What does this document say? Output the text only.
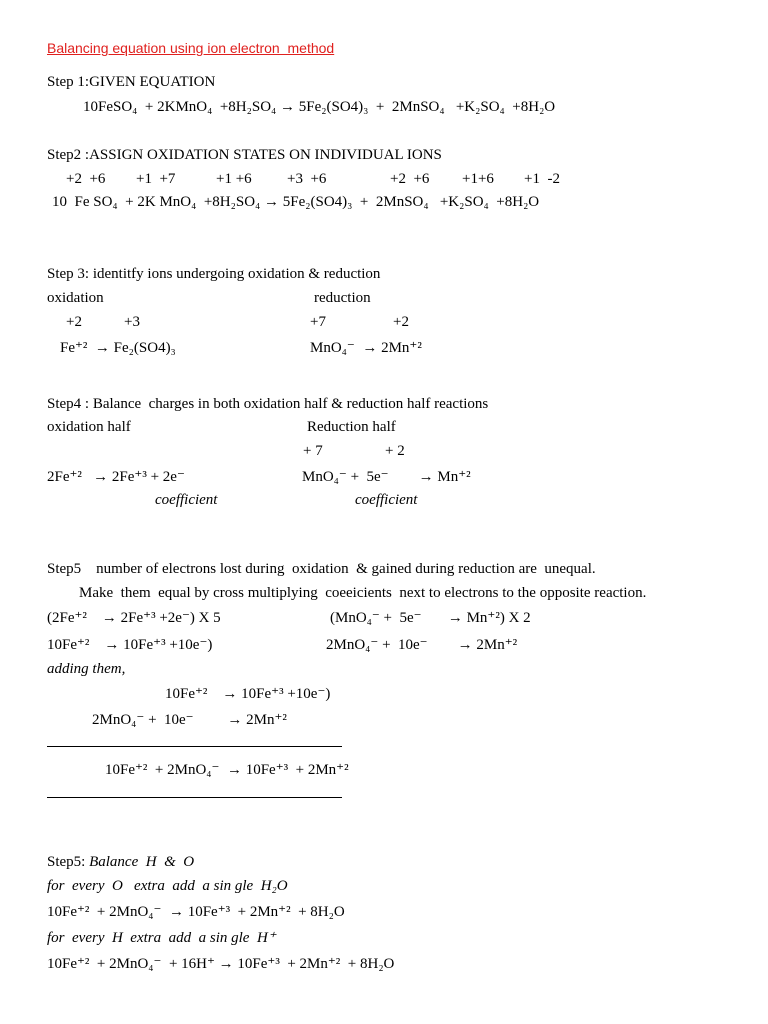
Balancing equation using ion electron  method
Step 1:GIVEN EQUATION
10FeSO₄  + 2KMnO₄  +8H₂SO₄ → 5Fe₂(SO4)₃  +  2MnSO₄   +K₂SO₄  +8H₂O
Step2 :ASSIGN OXIDATION STATES ON INDIVIDUAL IONS
+2  +6 +1  +7	+1 +6 +3  +6	+2  +6 +1+6 +1  -2
10  Fe SO₄  + 2K MnO₄  +8H₂SO₄ → 5Fe₂(SO4)₃  +  2MnSO₄   +K₂SO₄  +8H₂O
Step 3: identitfy ions undergoing oxidation & reduction
oxidation	reduction
+2	+3	+7	+2
Fe⁺²  → Fe₂(SO4)₃	MnO₄⁻  → 2Mn⁺²
Step4 : Balance  charges in both oxidation half & reduction half reactions
oxidation half	Reduction half
+ 7	+ 2
2Fe⁺²   → 2Fe⁺³ + 2e⁻	MnO₄⁻ +  5e⁻        → Mn⁺²
coefficient	coefficient
Step5    number of electrons lost during  oxidation  & gained during reduction are  unequal.
Make  them  equal by cross multiplying  coeeicients  next to electrons to the opposite reaction.
(2Fe⁺²    → 2Fe⁺³ +2e⁻) X 5	(MnO₄⁻ +  5e⁻       → Mn⁺²) X 2
10Fe⁺²    → 10Fe⁺³ +10e⁻)	2MnO₄⁻ +  10e⁻        → 2Mn⁺²
adding them,
10Fe⁺²    → 10Fe⁺³ +10e⁻)
2MnO₄⁻ +  10e⁻         → 2Mn⁺²
10Fe⁺²  + 2MnO₄⁻  → 10Fe⁺³  + 2Mn⁺²
Step5: Balance  H  &  O
for  every  O   extra  add  a sin gle  H₂O
10Fe⁺²  + 2MnO₄⁻  → 10Fe⁺³  + 2Mn⁺²  + 8H₂O
for  every  H  extra  add  a sin gle  H⁺
10Fe⁺²  + 2MnO₄⁻  + 16H⁺ → 10Fe⁺³  + 2Mn⁺²  + 8H₂O
